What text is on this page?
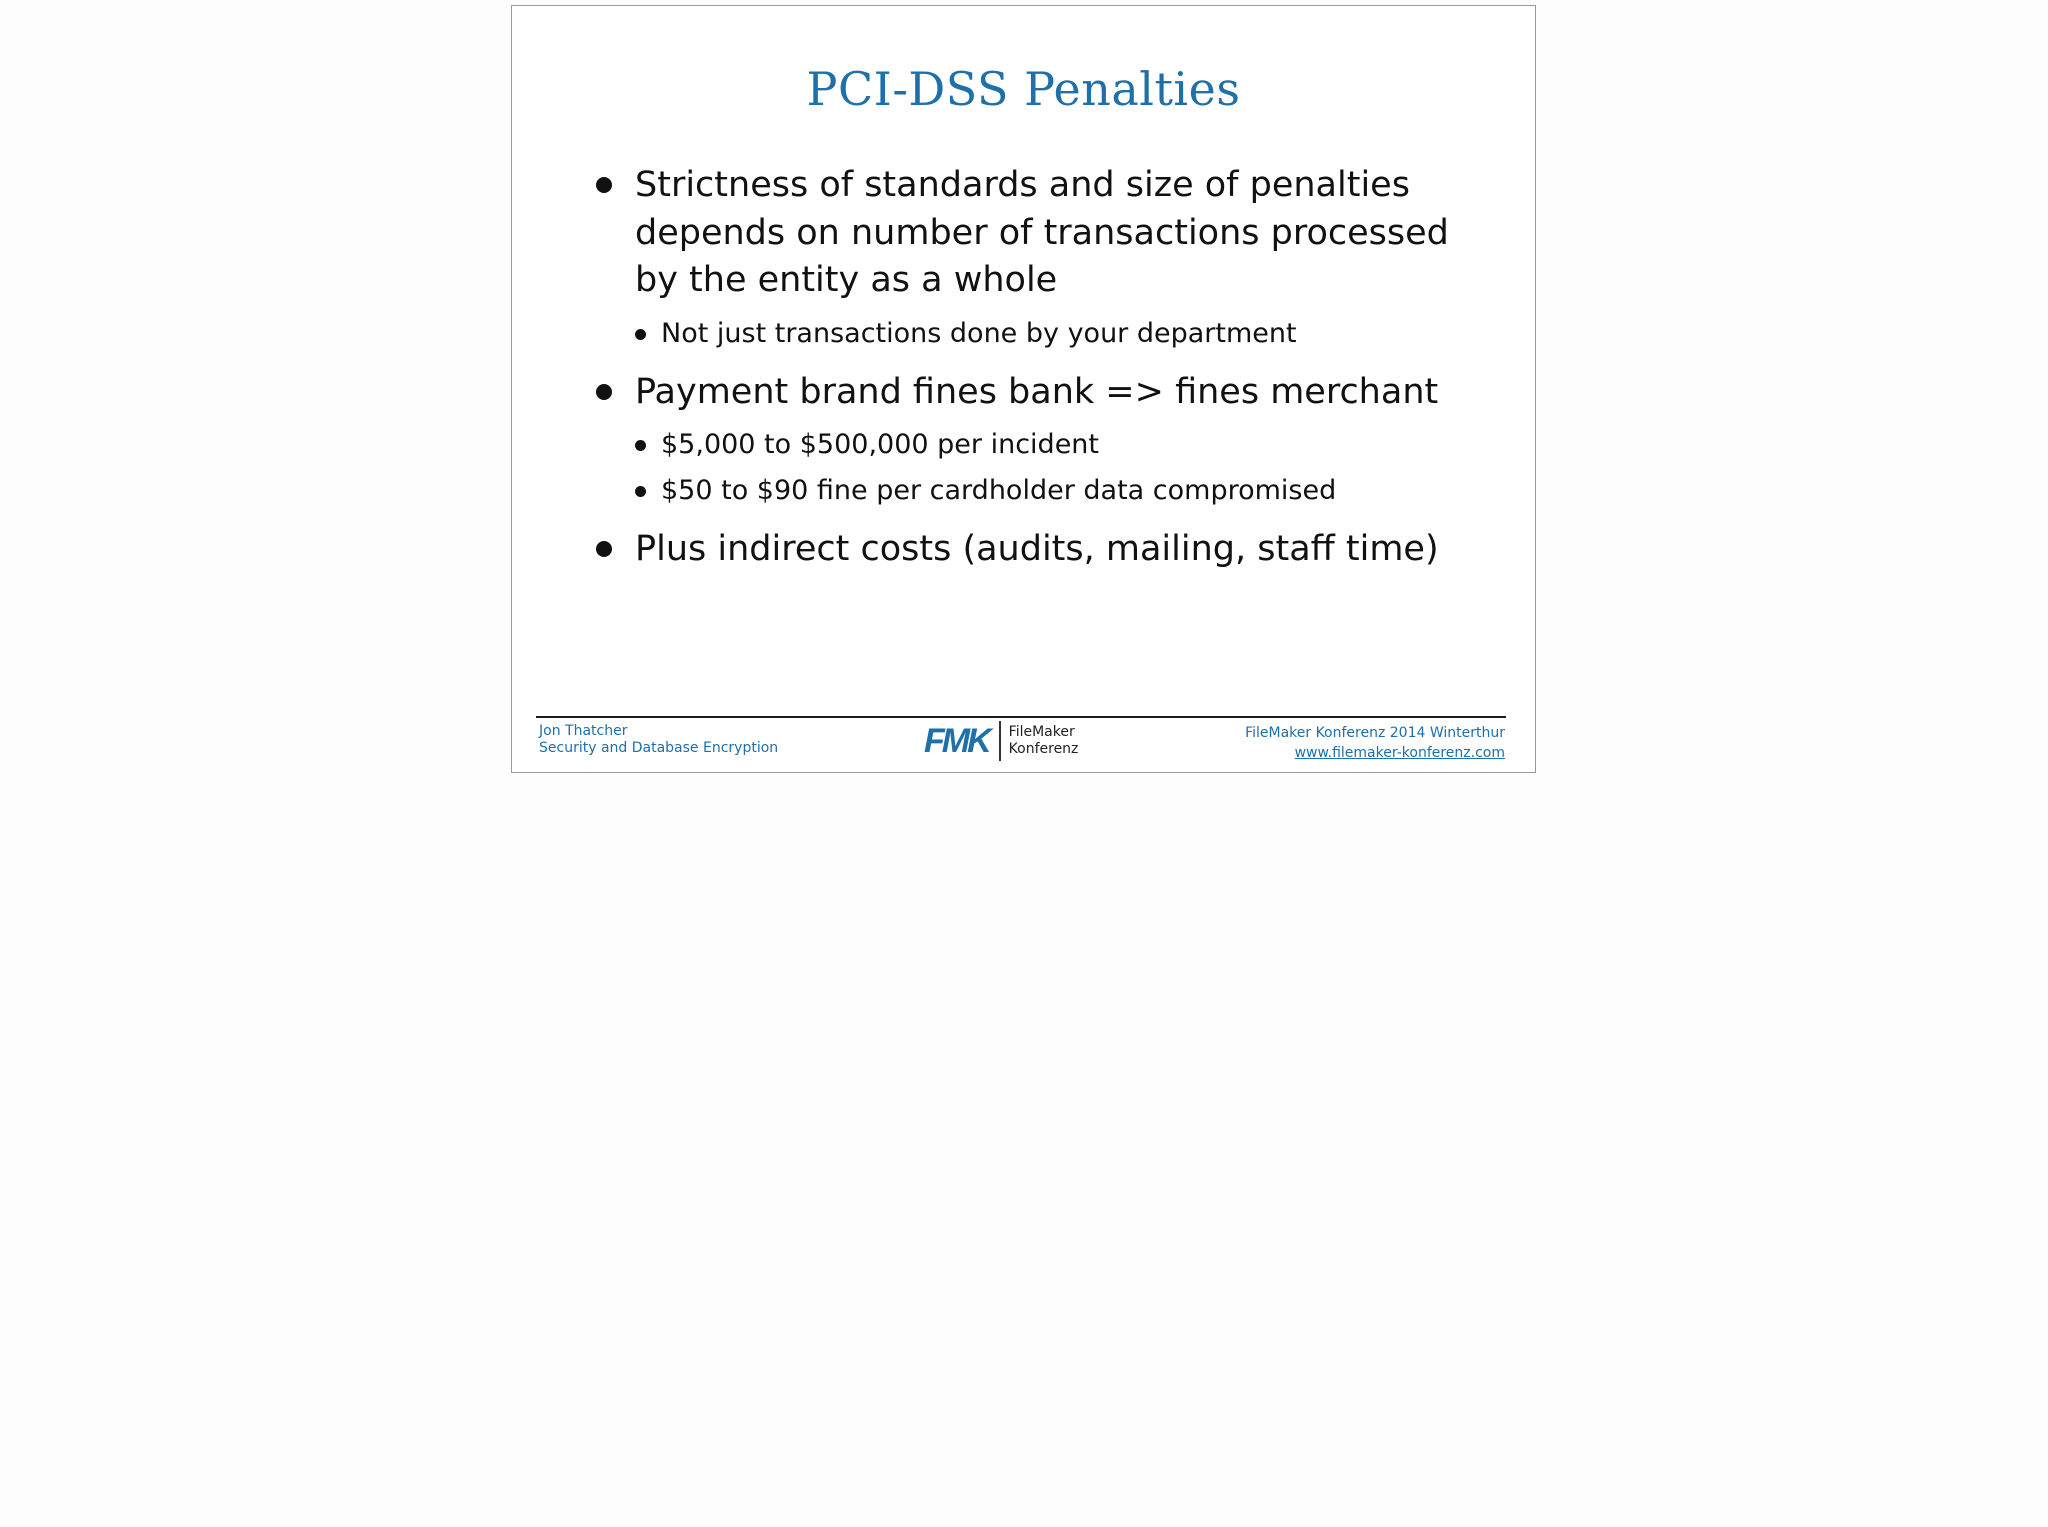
PCI-DSS Penalties
Strictness of standards and size of penalties depends on number of transactions processed by the entity as a whole
Not just transactions done by your department
Payment brand fines bank => fines merchant
$5,000 to $500,000 per incident
$50 to $90 fine per cardholder data compromised
Plus indirect costs (audits, mailing, staff time)
Jon Thatcher
Security and Database Encryption	FMK FileMaker
Konferenz
FileMaker Konferenz 2014 Winterthur
www.filemaker-konferenz.com
